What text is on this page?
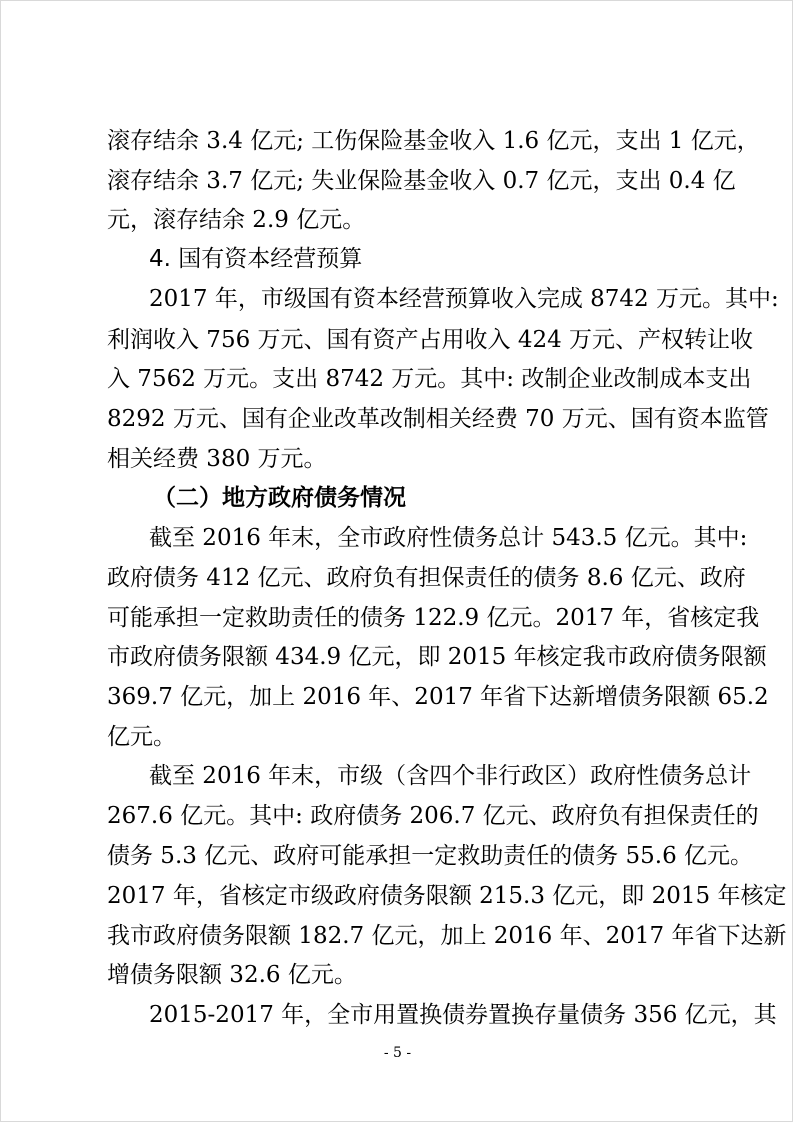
滚存结余 3.4 亿元; 工伤保险基金收入 1.6 亿元，支出 1 亿元，
滚存结余 3.7 亿元; 失业保险基金收入 0.7 亿元，支出 0.4 亿
元，滚存结余 2.9 亿元。
4. 国有资本经营预算
2017 年，市级国有资本经营预算收入完成 8742 万元。其中:
利润收入 756 万元、国有资产占用收入 424 万元、产权转让收
入 7562 万元。支出 8742 万元。其中: 改制企业改制成本支出
8292 万元、国有企业改革改制相关经费 70 万元、国有资本监管
相关经费 380 万元。
（二）地方政府债务情况
截至 2016 年末，全市政府性债务总计 543.5 亿元。其中:
政府债务 412 亿元、政府负有担保责任的债务 8.6 亿元、政府
可能承担一定救助责任的债务 122.9 亿元。2017 年，省核定我
市政府债务限额 434.9 亿元，即 2015 年核定我市政府债务限额
369.7 亿元，加上 2016 年、2017 年省下达新增债务限额 65.2
亿元。
截至 2016 年末，市级（含四个非行政区）政府性债务总计
267.6 亿元。其中: 政府债务 206.7 亿元、政府负有担保责任的
债务 5.3 亿元、政府可能承担一定救助责任的债务 55.6 亿元。
2017 年，省核定市级政府债务限额 215.3 亿元，即 2015 年核定
我市政府债务限额 182.7 亿元，加上 2016 年、2017 年省下达新
增债务限额 32.6 亿元。
2015-2017 年，全市用置换债券置换存量债务 356 亿元，其
- 5 -
